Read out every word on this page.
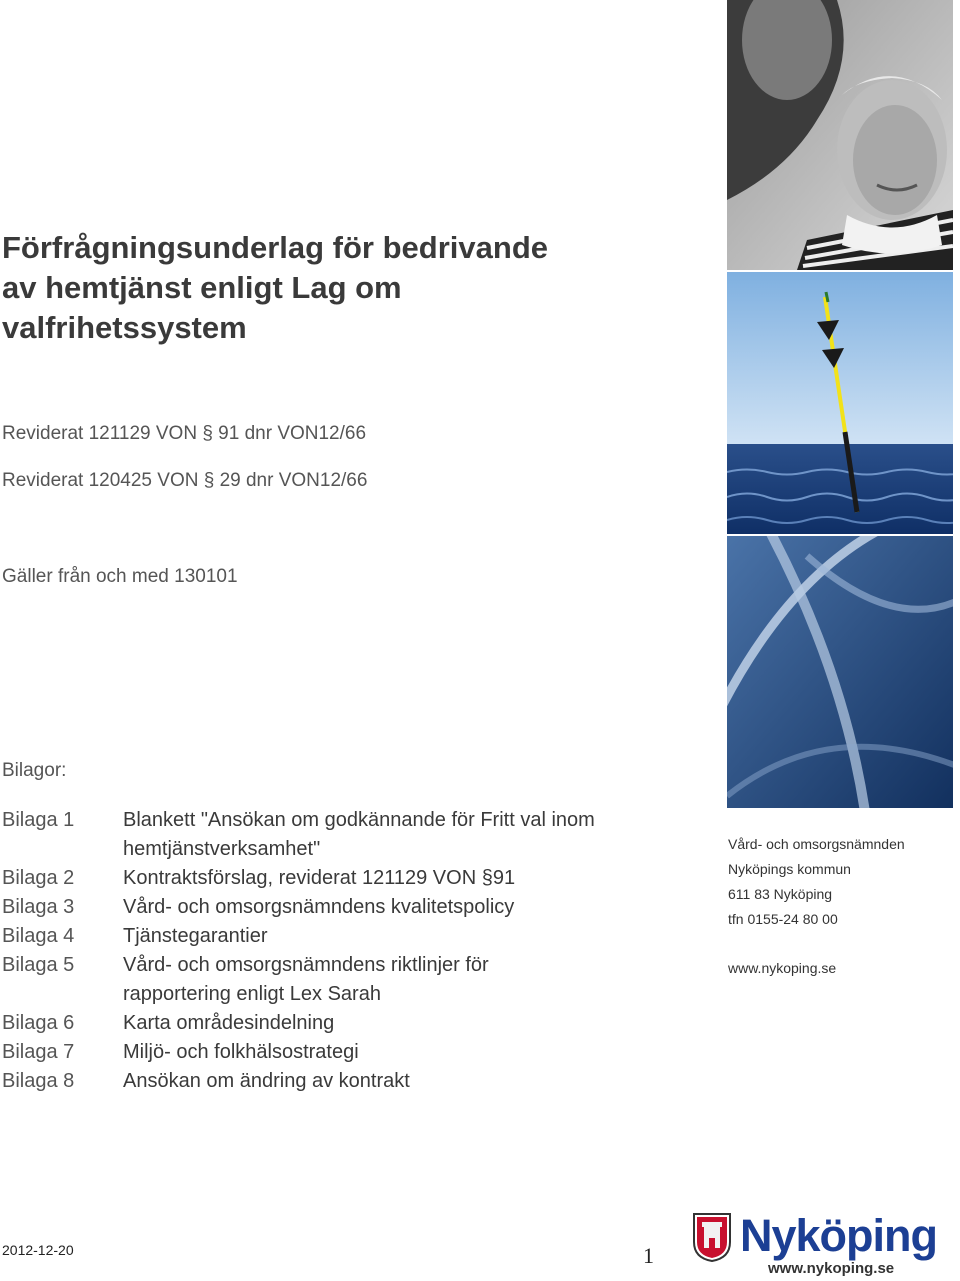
Förfrågningsunderlag för bedrivande
av hemtjänst enligt Lag om
valfrihetssystem
Reviderat 121129 VON § 91 dnr VON12/66
Reviderat 120425 VON § 29 dnr VON12/66
Gäller från och med 130101
Bilagor:
Bilaga 1	Blankett "Ansökan om godkännande för Fritt val inom hemtjänstverksamhet"
Bilaga 2	Kontraktsförslag, reviderat 121129 VON §91
Bilaga 3	Vård- och omsorgsnämndens kvalitetspolicy
Bilaga 4	Tjänstegarantier
Bilaga 5	Vård- och omsorgsnämndens riktlinjer för rapportering enligt Lex Sarah
Bilaga 6	Karta områdesindelning
Bilaga 7	Miljö- och folkhälsostrategi
Bilaga 8	Ansökan om ändring av kontrakt
Vård- och omsorgsnämnden
Nyköpings kommun
611 83 Nyköping
tfn 0155-24 80 00
www.nykoping.se
2012-12-20	1 Nyköping
www.nykoping.se
